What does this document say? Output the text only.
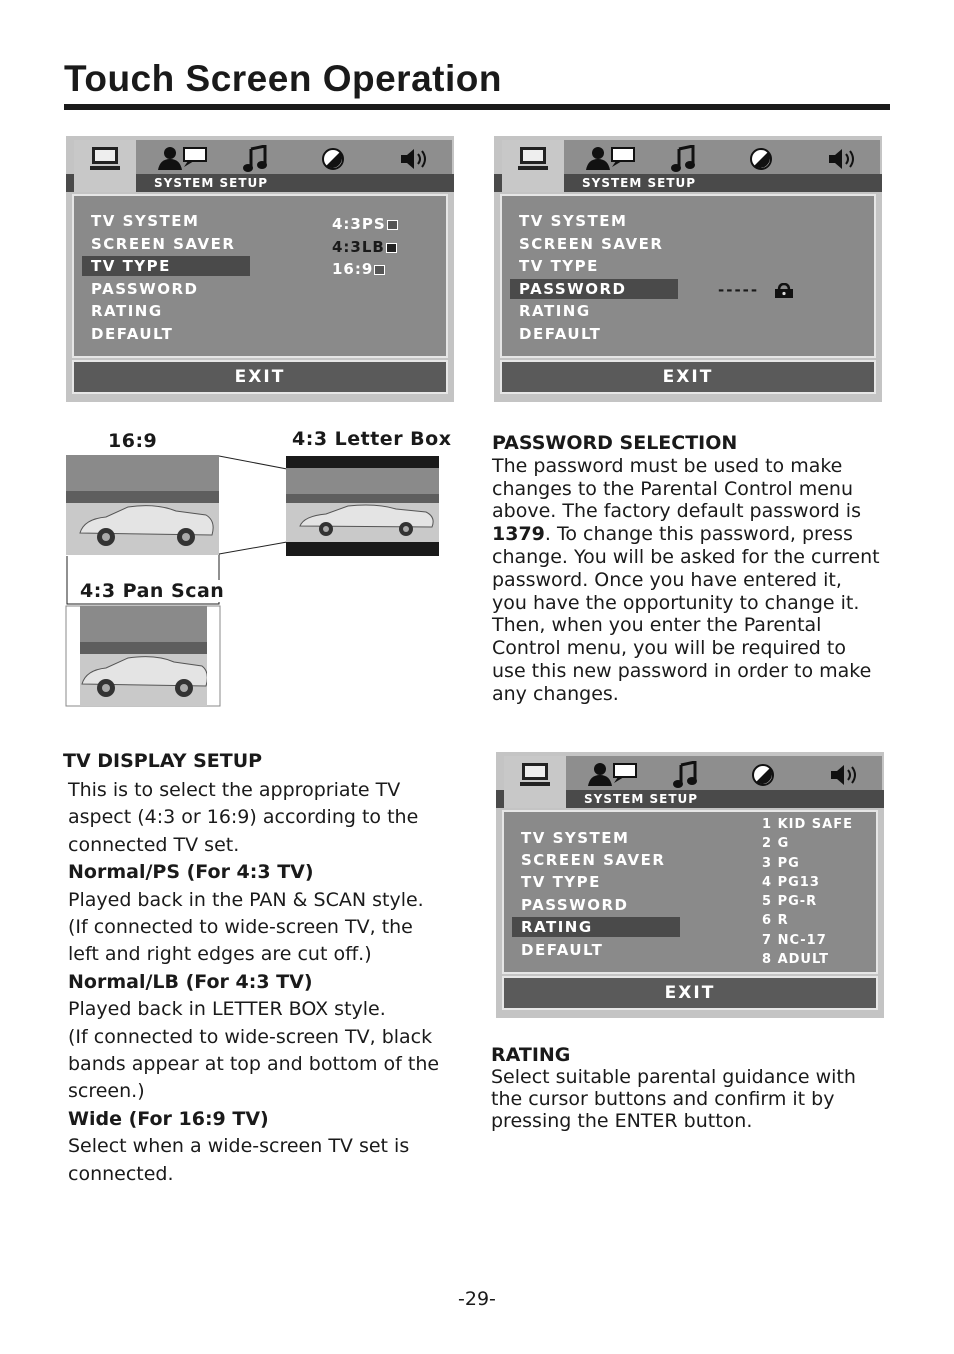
Touch Screen Operation
SYSTEM SETUP
TV SYSTEM
SCREEN SAVER
TV TYPE
PASSWORD
RATING
DEFAULT
4:3PS
4:3LB
16:9
EXIT
SYSTEM SETUP
TV SYSTEM
SCREEN SAVER
TV TYPE
PASSWORD
RATING
DEFAULT
-----
EXIT
16:9	4:3 Letter Box
4:3 Pan Scan
PASSWORD SELECTION
The password must be used to make
changes to the Parental Control menu
above. The factory default password is
1379. To change this password, press
change. You will be asked for the current
password. Once you have entered it,
you have the opportunity to change it.
Then, when you enter the Parental
Control menu, you will be required to
use this new password in order to make
any changes.
TV DISPLAY SETUP
This is to select the appropriate TV
aspect (4:3 or 16:9) according to the
connected TV set.
Normal/PS (For 4:3 TV)
Played back in the PAN & SCAN style.
(If connected to wide-screen TV, the
left and right edges are cut off.)
Normal/LB (For 4:3 TV)
Played back in LETTER BOX style.
(If connected to wide-screen TV, black
bands appear at top and bottom of the
screen.)
Wide (For 16:9 TV)
Select when a wide-screen TV set is
connected.
SYSTEM SETUP
TV SYSTEM
SCREEN SAVER
TV TYPE
PASSWORD
RATING
DEFAULT
1 KID SAFE
2 G
3 PG
4 PG13
5 PG-R
6 R
7 NC-17
8 ADULT
EXIT
RATING
Select suitable parental guidance with
the cursor buttons and confirm it by
pressing the ENTER button.
-29-
